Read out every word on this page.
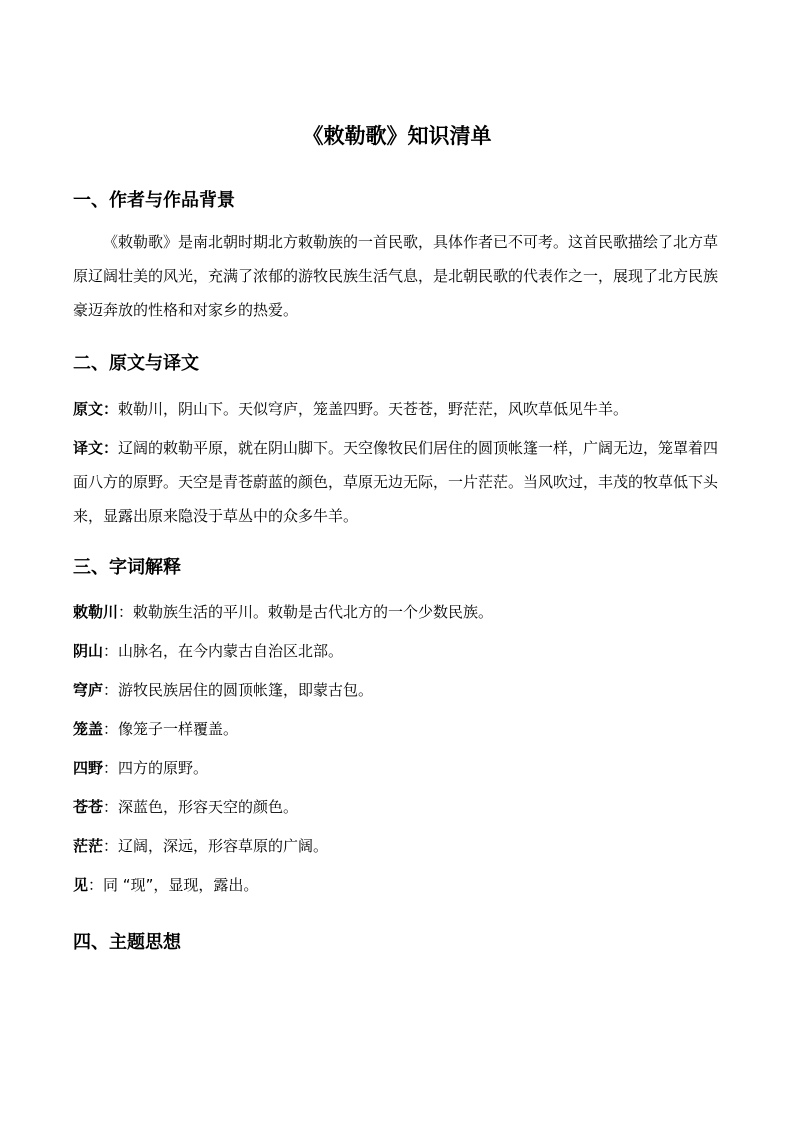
《敕勒歌》知识清单
一、作者与作品背景
《敕勒歌》是南北朝时期北方敕勒族的一首民歌，具体作者已不可考。这首民歌描绘了北方草原辽阔壮美的风光，充满了浓郁的游牧民族生活气息，是北朝民歌的代表作之一，展现了北方民族豪迈奔放的性格和对家乡的热爱。
二、原文与译文
原文：敕勒川，阴山下。天似穹庐，笼盖四野。天苍苍，野茫茫，风吹草低见牛羊。
译文：辽阔的敕勒平原，就在阴山脚下。天空像牧民们居住的圆顶帐篷一样，广阔无边，笼罩着四面八方的原野。天空是青苍蔚蓝的颜色，草原无边无际，一片茫茫。当风吹过，丰茂的牧草低下头来，显露出原来隐没于草丛中的众多牛羊。
三、字词解释
敕勒川：敕勒族生活的平川。敕勒是古代北方的一个少数民族。
阴山：山脉名，在今内蒙古自治区北部。
穹庐：游牧民族居住的圆顶帐篷，即蒙古包。
笼盖：像笼子一样覆盖。
四野：四方的原野。
苍苍：深蓝色，形容天空的颜色。
茫茫：辽阔，深远，形容草原的广阔。
见：同 “现”，显现，露出。
四、主题思想
